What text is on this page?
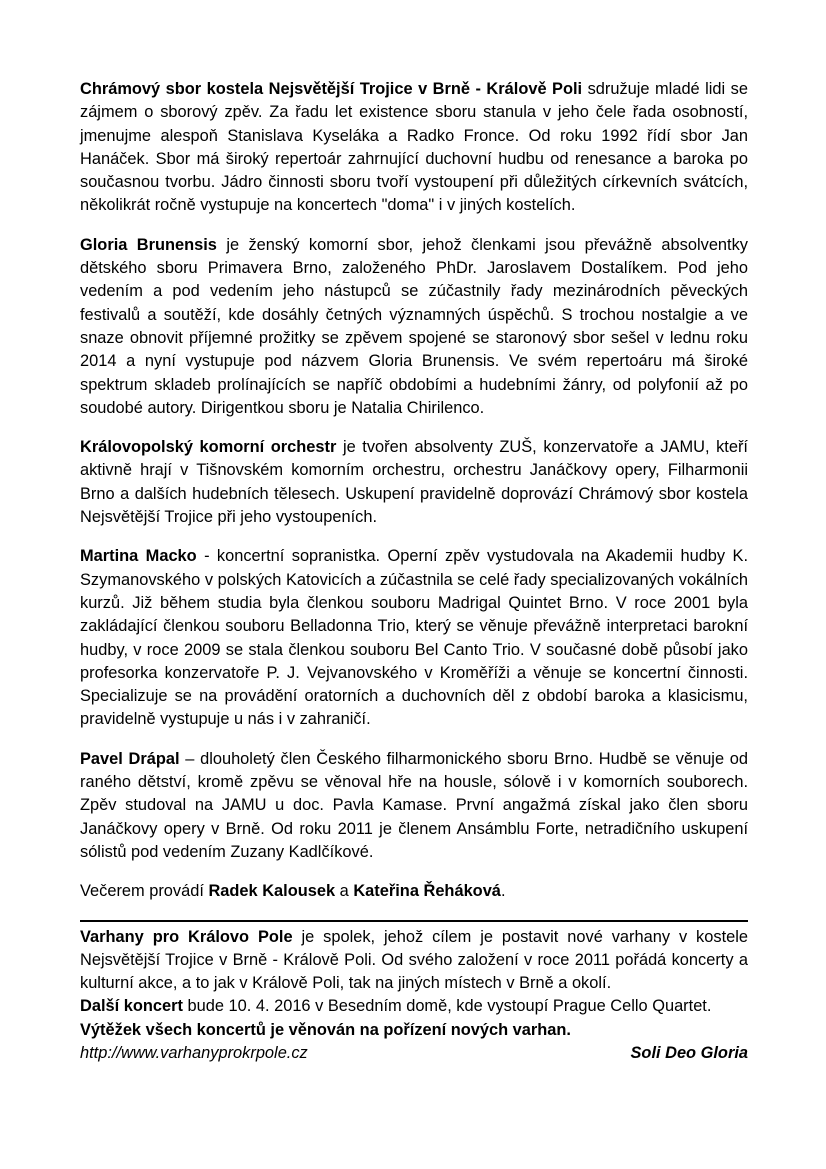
Chrámový sbor kostela Nejsvětější Trojice v Brně - Králově Poli sdružuje mladé lidi se zájmem o sborový zpěv. Za řadu let existence sboru stanula v jeho čele řada osobností, jmenujme alespoň Stanislava Kyseláka a Radko Fronce. Od roku 1992 řídí sbor Jan Hanáček. Sbor má široký repertoár zahrnující duchovní hudbu od renesance a baroka po současnou tvorbu. Jádro činnosti sboru tvoří vystoupení při důležitých církevních svátcích, několikrát ročně vystupuje na koncertech "doma" i v jiných kostelích.

Gloria Brunensis je ženský komorní sbor, jehož členkami jsou převážně absolventky dětského sboru Primavera Brno, založeného PhDr. Jaroslavem Dostalíkem. Pod jeho vedením a pod vedením jeho nástupců se zúčastnily řady mezinárodních pěveckých festivalů a soutěží, kde dosáhly četných významných úspěchů. S trochou nostalgie a ve snaze obnovit příjemné prožitky se zpěvem spojené se staronový sbor sešel v lednu roku 2014 a nyní vystupuje pod názvem Gloria Brunensis. Ve svém repertoáru má široké spektrum skladeb prolínajících se napříč obdobími a hudebními žánry, od polyfonií až po soudobé autory. Dirigentkou sboru je Natalia Chirilenco.

Královopolský komorní orchestr je tvořen absolventy ZUŠ, konzervatoře a JAMU, kteří aktivně hrají v Tišnovském komorním orchestru, orchestru Janáčkovy opery, Filharmonii Brno a dalších hudebních tělesech. Uskupení pravidelně doprovází Chrámový sbor kostela Nejsvětější Trojice při jeho vystoupeních.

Martina Macko - koncertní sopranistka. Operní zpěv vystudovala na Akademii hudby K. Szymanovského v polských Katovicích a zúčastnila se celé řady specializovaných vokálních kurzů. Již během studia byla členkou souboru Madrigal Quintet Brno. V roce 2001 byla zakládající členkou souboru Belladonna Trio, který se věnuje převážně interpretaci barokní hudby, v roce 2009 se stala členkou souboru Bel Canto Trio. V současné době působí jako profesorka konzervatoře P. J. Vejvanovského v Kroměříži a věnuje se koncertní činnosti. Specializuje se na provádění oratorních a duchovních děl z období baroka a klasicismu, pravidelně vystupuje u nás i v zahraničí.

Pavel Drápal – dlouholetý člen Českého filharmonického sboru Brno. Hudbě se věnuje od raného dětství, kromě zpěvu se věnoval hře na housle, sólově i v komorních souborech. Zpěv studoval na JAMU u doc. Pavla Kamase. První angažmá získal jako člen sboru Janáčkovy opery v Brně. Od roku 2011 je členem Ansámblu Forte, netradičního uskupení sólistů pod vedením Zuzany Kadlčíkové.

Večerem provádí Radek Kalousek a Kateřina Řeháková.

Varhany pro Královo Pole je spolek, jehož cílem je postavit nové varhany v kostele Nejsvětější Trojice v Brně - Králově Poli. Od svého založení v roce 2011 pořádá koncerty a kulturní akce, a to jak v Králově Poli, tak na jiných místech v Brně a okolí.

Další koncert bude 10. 4. 2016 v Besedním domě, kde vystoupí Prague Cello Quartet.

Výtěžek všech koncertů je věnován na pořízení nových varhan.

http://www.varhanyprokrpole.cz	Soli Deo Gloria
